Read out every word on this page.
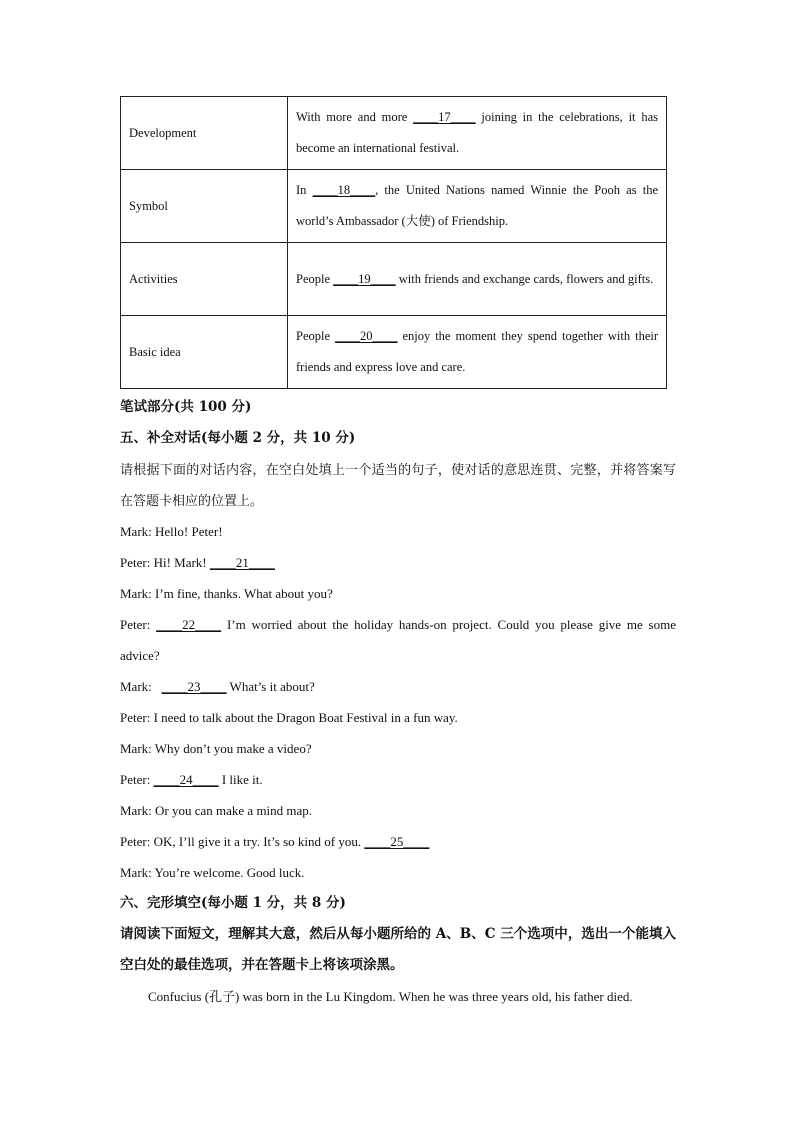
Development	With more and more ____17____ joining in the celebrations, it has become an international festival.
Symbol	In ____18____, the United Nations named Winnie the Pooh as the world’s Ambassador (大使) of Friendship.
Activities	People ____19____ with friends and exchange cards, flowers and gifts.
Basic idea	People ____20____ enjoy the moment they spend together with their friends and express love and care.
笔试部分(共 100 分)
五、补全对话(每小题 2 分，共 10 分)
请根据下面的对话内容，在空白处填上一个适当的句子，使对话的意思连贯、完整，并将答案写在答题卡相应的位置上。
Mark: Hello! Peter!
Peter: Hi! Mark! ____21____
Mark: I’m fine, thanks. What about you?
Peter: ____22____ I’m worried about the holiday hands-on project. Could you please give me some advice?
Mark:   ____23____ What’s it about?
Peter: I need to talk about the Dragon Boat Festival in a fun way.
Mark: Why don’t you make a video?
Peter: ____24____ I like it.
Mark: Or you can make a mind map.
Peter: OK, I’ll give it a try. It’s so kind of you. ____25____
Mark: You’re welcome. Good luck.
六、完形填空(每小题 1 分，共 8 分)
请阅读下面短文，理解其大意，然后从每小题所给的 A、B、C 三个选项中，选出一个能填入空白处的最佳选项，并在答题卡上将该项涂黑。
Confucius (孔子) was born in the Lu Kingdom. When he was three years old, his father died.
